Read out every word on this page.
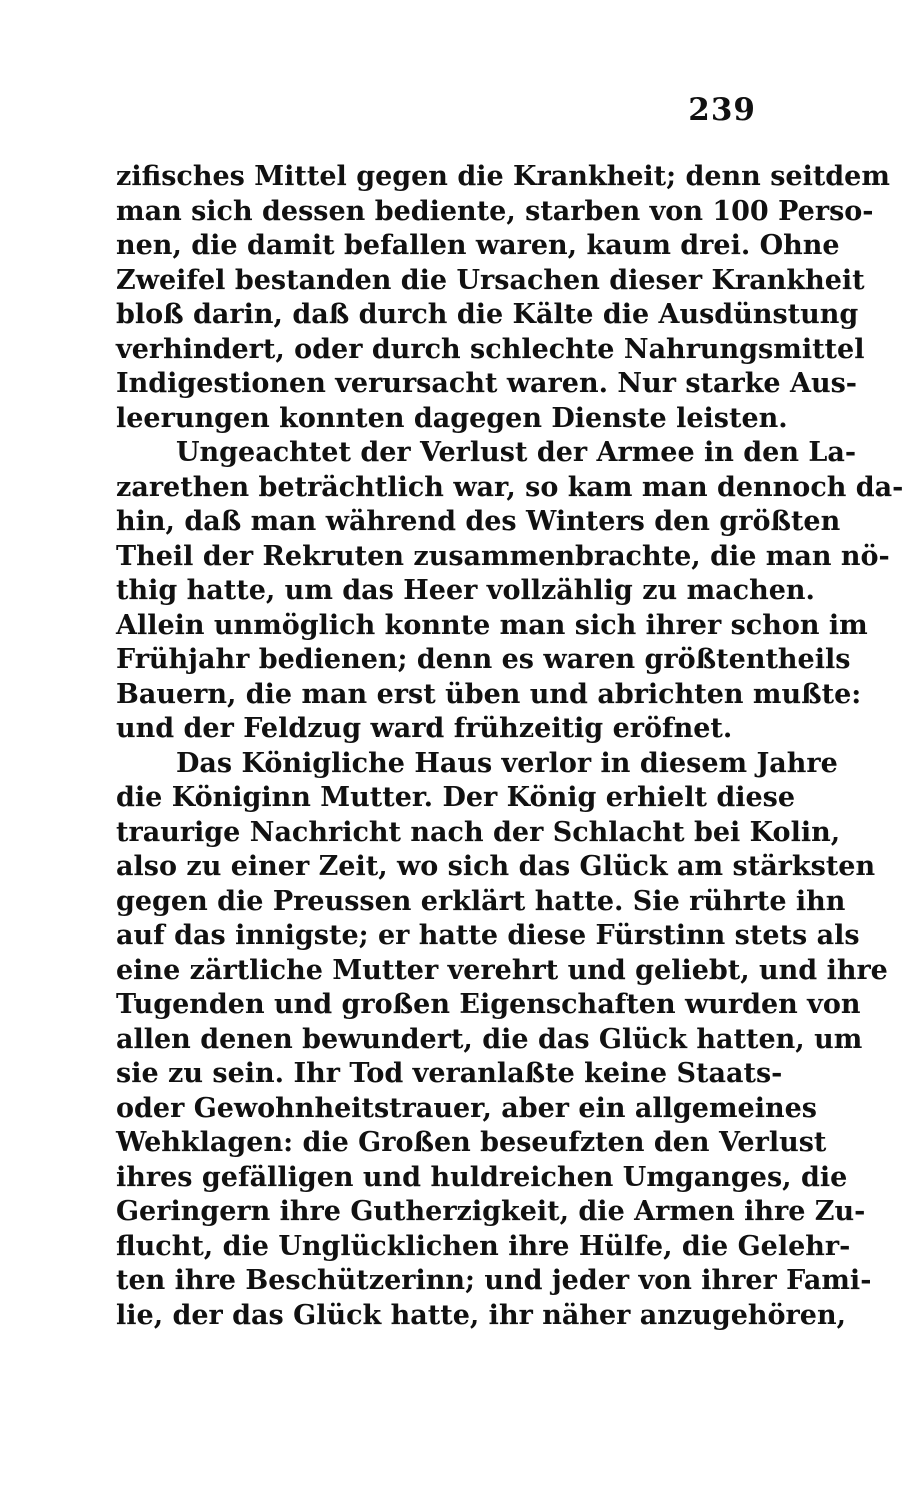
239
zifisches Mittel gegen die Krankheit; denn seitdem
man sich dessen bediente, starben von 100 Perso-
nen, die damit befallen waren, kaum drei. Ohne
Zweifel bestanden die Ursachen dieser Krankheit
bloß darin, daß durch die Kälte die Ausdünstung
verhindert, oder durch schlechte Nahrungsmittel
Indigestionen verursacht waren. Nur starke Aus-
leerungen konnten dagegen Dienste leisten.
Ungeachtet der Verlust der Armee in den La-
zarethen beträchtlich war, so kam man dennoch da-
hin, daß man während des Winters den größten
Theil der Rekruten zusammenbrachte, die man nö-
thig hatte, um das Heer vollzählig zu machen.
Allein unmöglich konnte man sich ihrer schon im
Frühjahr bedienen; denn es waren größtentheils
Bauern, die man erst üben und abrichten mußte:
und der Feldzug ward frühzeitig eröfnet.
Das Königliche Haus verlor in diesem Jahre
die Königinn Mutter. Der König erhielt diese
traurige Nachricht nach der Schlacht bei Kolin,
also zu einer Zeit, wo sich das Glück am stärksten
gegen die Preussen erklärt hatte. Sie rührte ihn
auf das innigste; er hatte diese Fürstinn stets als
eine zärtliche Mutter verehrt und geliebt, und ihre
Tugenden und großen Eigenschaften wurden von
allen denen bewundert, die das Glück hatten, um
sie zu sein. Ihr Tod veranlaßte keine Staats-
oder Gewohnheitstrauer, aber ein allgemeines
Wehklagen: die Großen beseufzten den Verlust
ihres gefälligen und huldreichen Umganges, die
Geringern ihre Gutherzigkeit, die Armen ihre Zu-
flucht, die Unglücklichen ihre Hülfe, die Gelehr-
ten ihre Beschützerinn; und jeder von ihrer Fami-
lie, der das Glück hatte, ihr näher anzugehören,
